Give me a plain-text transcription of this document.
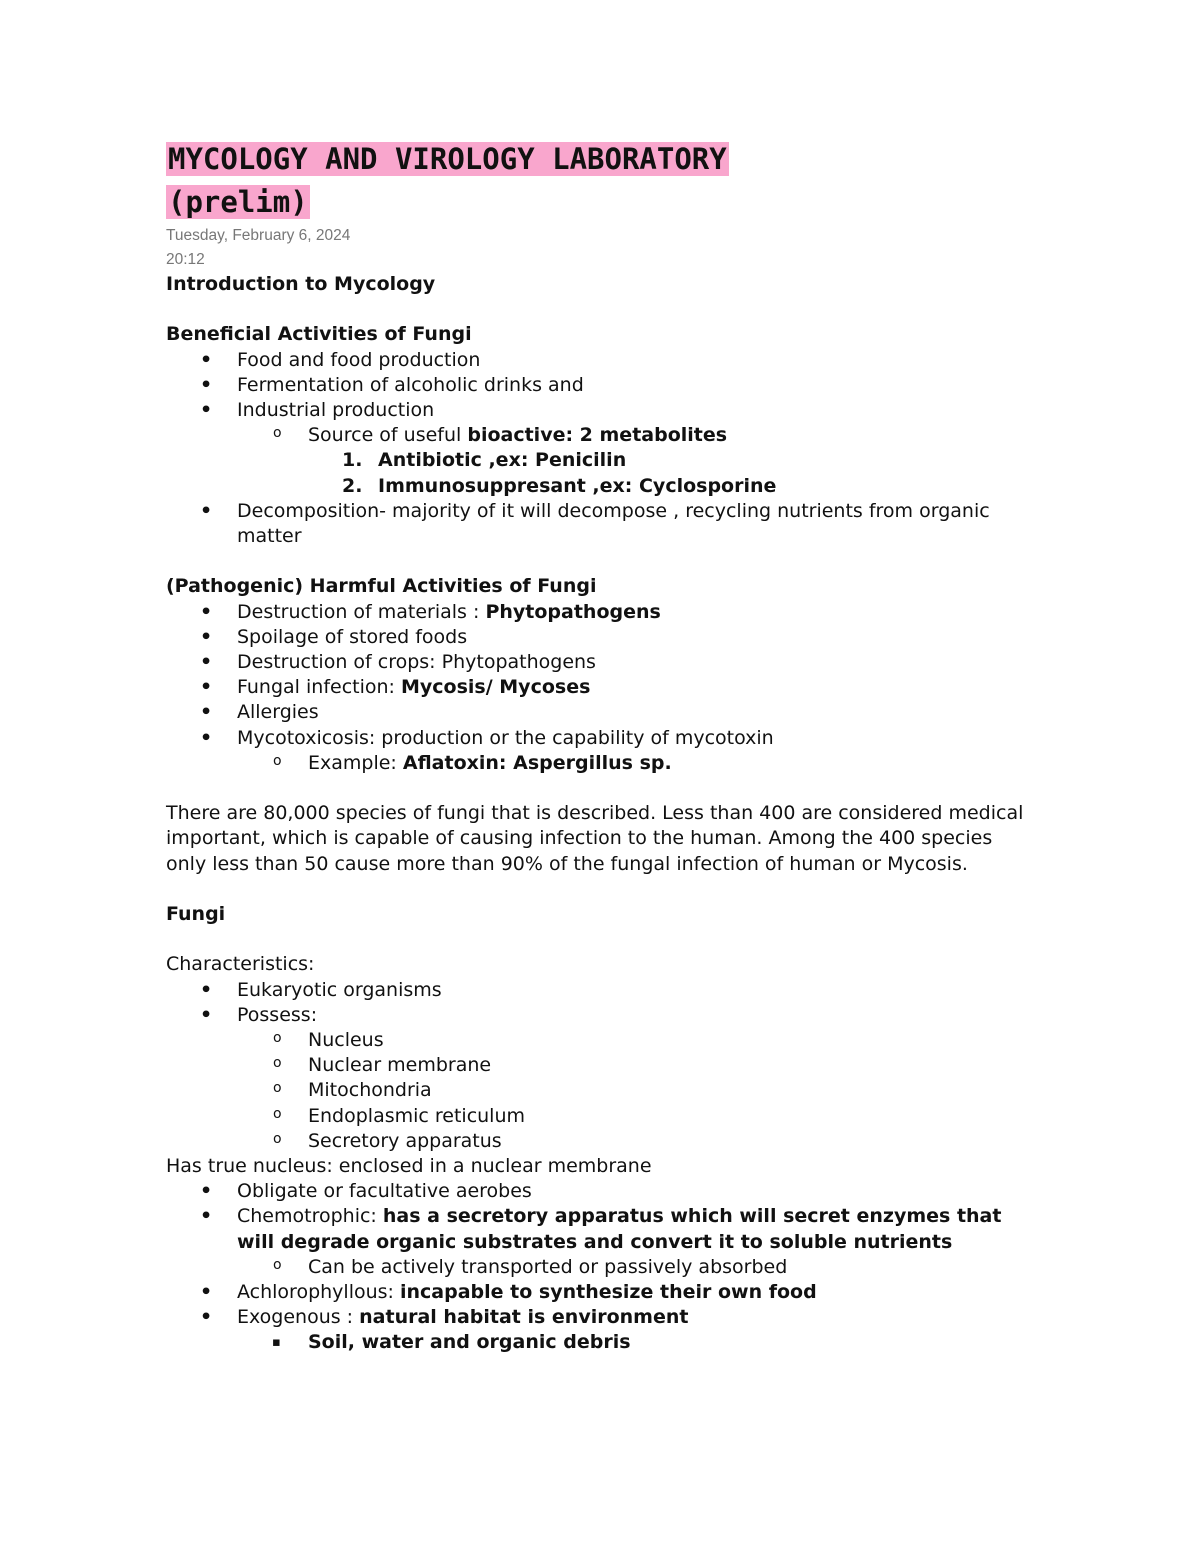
MYCOLOGY AND VIROLOGY LABORATORY
(prelim)
Tuesday, February 6, 2024
20:12
Introduction to Mycology
Beneficial Activities of Fungi
• Food and food production
• Fermentation of alcoholic drinks and
• Industrial production
o Source of useful bioactive: 2 metabolites
1. Antibiotic ,ex: Penicilin
2. Immunosuppresant ,ex: Cyclosporine
• Decomposition- majority of it will decompose , recycling nutrients from organic matter
(Pathogenic) Harmful Activities of Fungi
• Destruction of materials : Phytopathogens
• Spoilage of stored foods
• Destruction of crops: Phytopathogens
• Fungal infection: Mycosis/ Mycoses
• Allergies
• Mycotoxicosis: production or the capability of mycotoxin
o Example: Aflatoxin: Aspergillus sp.
There are 80,000 species of fungi that is described. Less than 400 are considered medical important, which is capable of causing infection to the human. Among the 400 species only less than 50 cause more than 90% of the fungal infection of human or Mycosis.
Fungi
Characteristics:
• Eukaryotic organisms
• Possess:
o Nucleus
o Nuclear membrane
o Mitochondria
o Endoplasmic reticulum
o Secretory apparatus
Has true nucleus: enclosed in a nuclear membrane
• Obligate or facultative aerobes
• Chemotrophic: has a secretory apparatus which will secret enzymes that will degrade organic substrates and convert it to soluble nutrients
o Can be actively transported or passively absorbed
• Achlorophyllous: incapable to synthesize their own food
• Exogenous : natural habitat is environment
▪ Soil, water and organic debris
